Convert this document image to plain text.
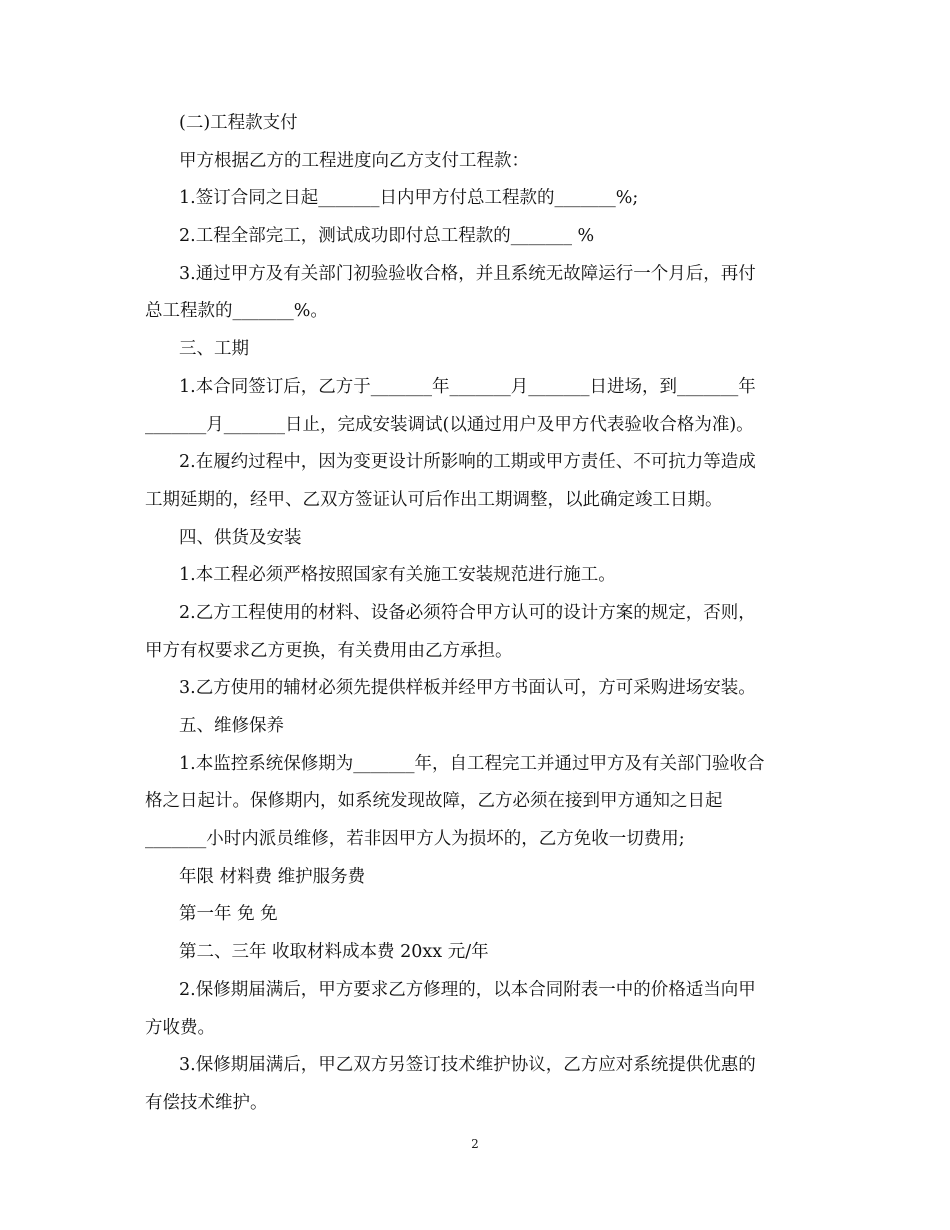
(二)工程款支付
甲方根据乙方的工程进度向乙方支付工程款：
1.签订合同之日起_______日内甲方付总工程款的_______%;
2.工程全部完工，测试成功即付总工程款的_______ %
3.通过甲方及有关部门初验验收合格，并且系统无故障运行一个月后，再付
总工程款的_______%。
三、工期
1.本合同签订后，乙方于_______年_______月_______日进场，到_______年
_______月_______日止，完成安装调试(以通过用户及甲方代表验收合格为准)。
2.在履约过程中，因为变更设计所影响的工期或甲方责任、不可抗力等造成
工期延期的，经甲、乙双方签证认可后作出工期调整，以此确定竣工日期。
四、供货及安装
1.本工程必须严格按照国家有关施工安装规范进行施工。
2.乙方工程使用的材料、设备必须符合甲方认可的设计方案的规定，否则，
甲方有权要求乙方更换，有关费用由乙方承担。
3.乙方使用的辅材必须先提供样板并经甲方书面认可，方可采购进场安装。
五、维修保养
1.本监控系统保修期为_______年，自工程完工并通过甲方及有关部门验收合
格之日起计。保修期内，如系统发现故障，乙方必须在接到甲方通知之日起
_______小时内派员维修，若非因甲方人为损坏的，乙方免收一切费用;
年限 材料费 维护服务费
第一年 免 免
第二、三年 收取材料成本费 20xx 元/年
2.保修期届满后，甲方要求乙方修理的，以本合同附表一中的价格适当向甲
方收费。
3.保修期届满后，甲乙双方另签订技术维护协议，乙方应对系统提供优惠的
有偿技术维护。
2
